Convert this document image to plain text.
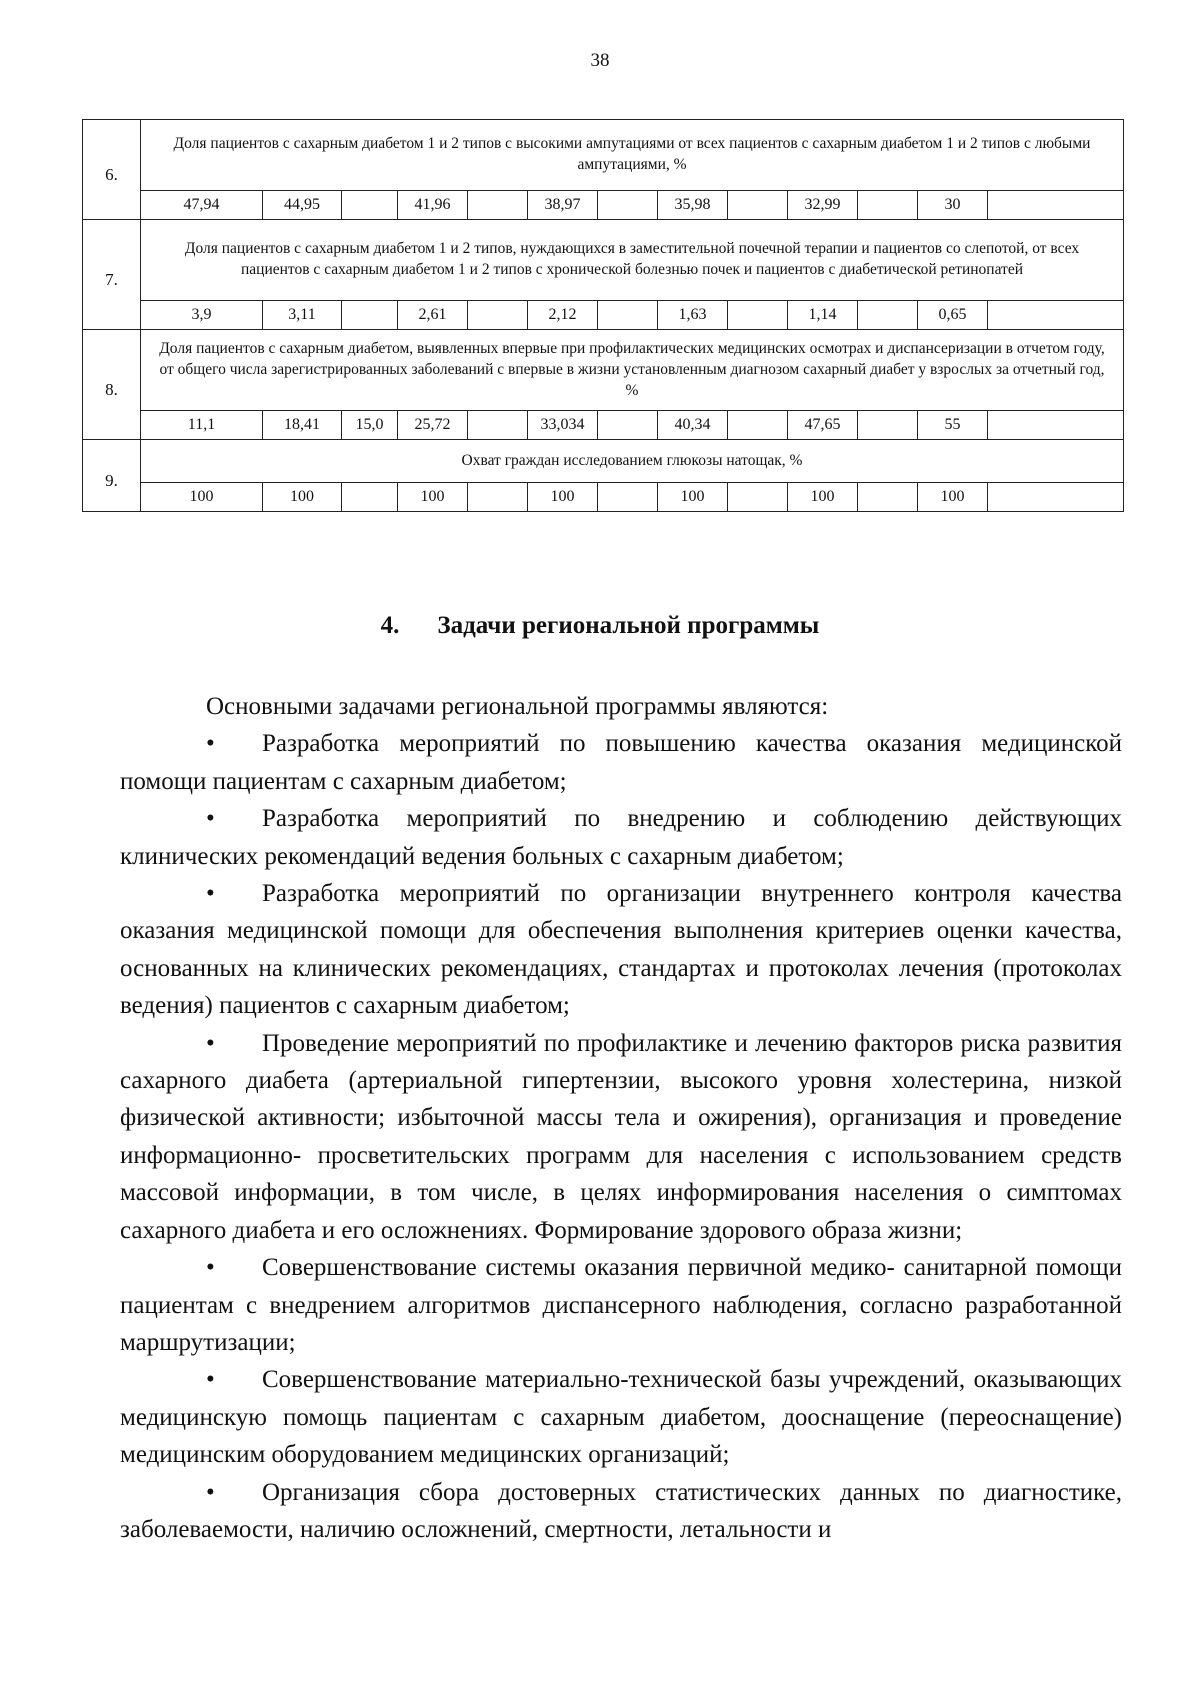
38
6.
Доля пациентов с сахарным диабетом 1 и 2 типов с высокими ампутациями от всех пациентов с сахарным диабетом 1 и 2 типов с любыми ампутациями, %
47,94	44,95	41,96	38,97	35,98	32,99	30
7.
Доля пациентов с сахарным диабетом 1 и 2 типов, нуждающихся в заместительной почечной терапии и пациентов со слепотой, от всех пациентов с сахарным диабетом 1 и 2 типов с хронической болезнью почек и пациентов с диабетической ретинопатей
3,9	3,11	2,61	2,12	1,63	1,14	0,65
8.
Доля пациентов с сахарным диабетом, выявленных впервые при профилактических медицинских осмотрах и диспансеризации в отчетом году, от общего числа зарегистрированных заболеваний с впервые в жизни установленным диагнозом сахарный диабет у взрослых за отчетный год, %
11,1	18,41	15,0	25,72	33,034	40,34	47,65	55
9.
Охват граждан исследованием глюкозы натощак, %
100	100	100	100	100	100	100
4. Задачи региональной программы

Основными задачами региональной программы являются:

• Разработка мероприятий по повышению качества оказания медицинской помощи пациентам с сахарным диабетом;

• Разработка мероприятий по внедрению и соблюдению действующих клинических рекомендаций ведения больных с сахарным диабетом;

• Разработка мероприятий по организации внутреннего контроля качества оказания медицинской помощи для обеспечения выполнения критериев оценки качества, основанных на клинических рекомендациях, стандартах и протоколах лечения (протоколах ведения) пациентов с сахарным диабетом;

• Проведение мероприятий по профилактике и лечению факторов риска развития сахарного диабета (артериальной гипертензии, высокого уровня холестерина, низкой физической активности; избыточной массы тела и ожирения), организация и проведение информационно- просветительских программ для населения с использованием средств массовой информации, в том числе, в целях информирования населения о симптомах сахарного диабета и его осложнениях. Формирование здорового образа жизни;

• Совершенствование системы оказания первичной медико- санитарной помощи пациентам с внедрением алгоритмов диспансерного наблюдения, согласно разработанной маршрутизации;

• Совершенствование материально-технической базы учреждений, оказывающих медицинскую помощь пациентам с сахарным диабетом, дооснащение (переоснащение) медицинским оборудованием медицинских организаций;

• Организация сбора достоверных статистических данных по диагностике, заболеваемости, наличию осложнений, смертности, летальности и
